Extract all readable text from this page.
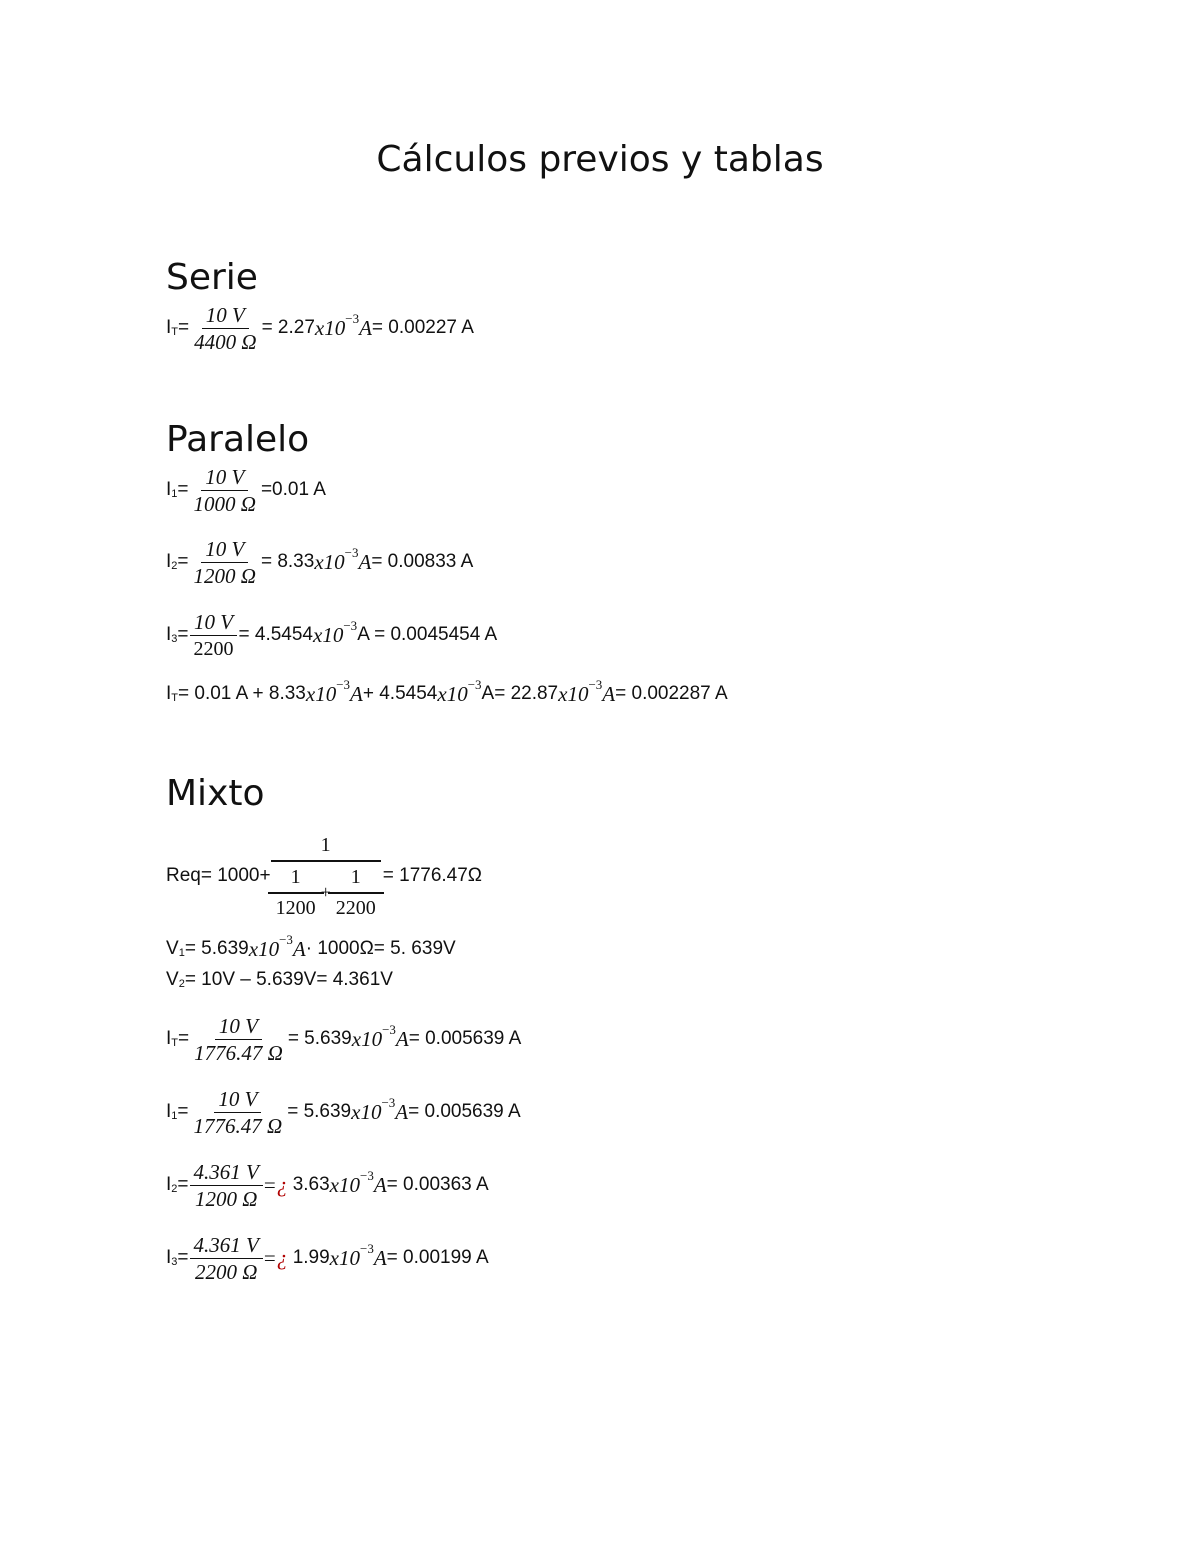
Cálculos previos y tablas
Serie
I $T = \frac{10 V}{4400 \Omega} = 2.27$ x 10 −3 A = 0.00227 A
Paralelo
I $1 = \frac{10 V}{1000 \Omega} =0.01$ A
I $2 = \frac{10 V}{1200 \Omega} = 8.33$ x 10 −3 A = 0.00833 A
I $3 = \frac{10 V}{2200} = 4.5454$ x 10 −3 A = 0.0045454 A
I T = 0.01 A + 8.33 x 10 −3 A + 4.5454 x 10 −3 A= 22.87 x 10 −3 A = 0.002287 A
Mixto
$Req= 1000+ \frac{1}{\frac{1}{1200} + \frac{1}{2200}} = 1776.47\Omega$
V 1 = 5.639 x 10 −3 A · 1000Ω= 5. 639V
V 2 = 10V – 5.639V= 4.361V
I $T = \frac{10 V}{1776.47 \Omega} = 5.639$ x 10 −3 A = 0.005639 A
I $1 = \frac{10 V}{1776.47 \Omega} = 5.639$ x 10 −3 A = 0.005639 A
I $2 = \frac{4.361 V}{1200 \Omega}$ = ¿ 3.63 x 10 −3 A = 0.00363 A
I $3 = \frac{4.361 V}{2200 \Omega}$ = ¿ 1.99 x 10 −3 A = 0.00199 A
